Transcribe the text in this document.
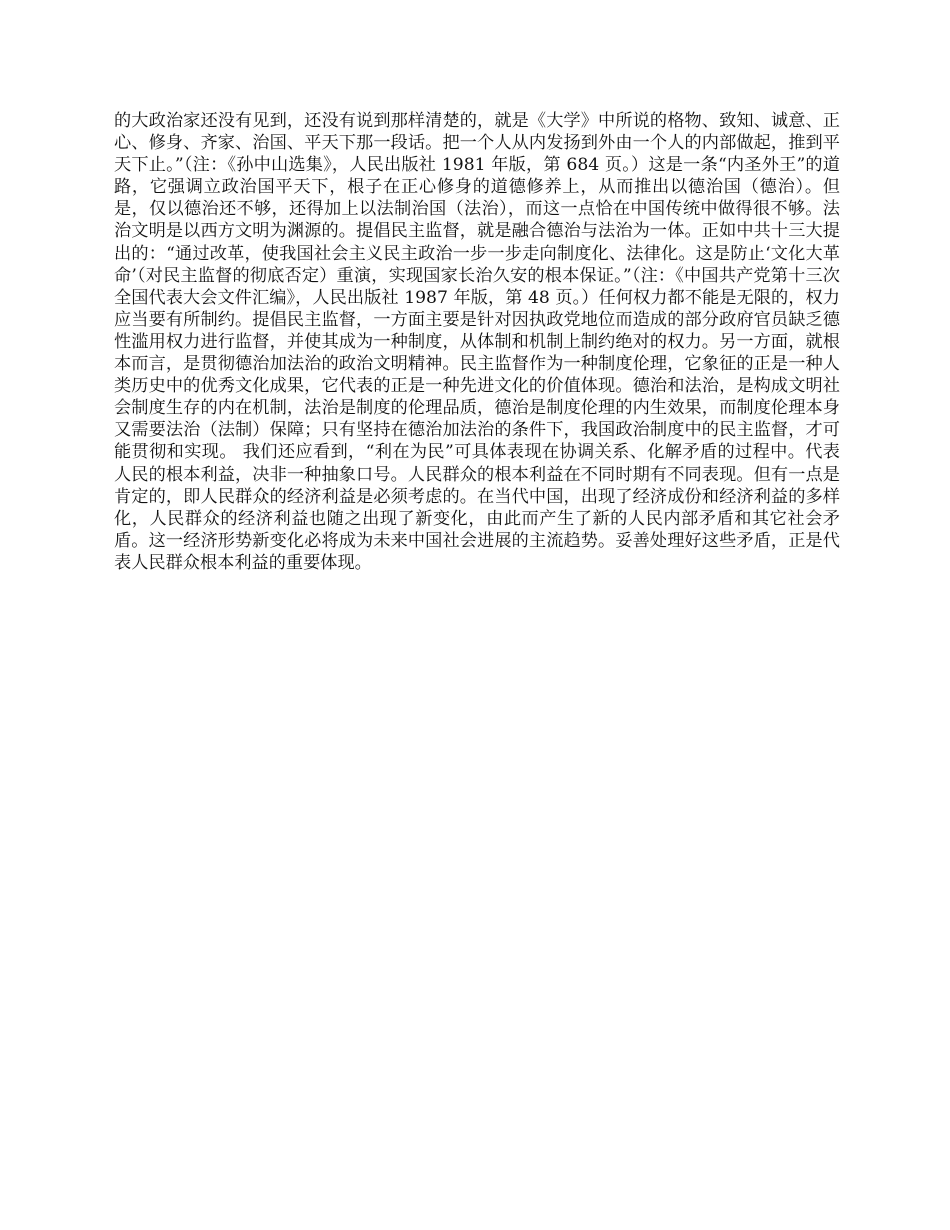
的大政治家还没有见到，还没有说到那样清楚的，就是《大学》中所说的格物、致知、诚意、正心、修身、齐家、治国、平天下那一段话。把一个人从内发扬到外由一个人的内部做起，推到平天下止。”（注：《孙中山选集》，人民出版社 1981 年版，第 684 页。）这是一条“内圣外王”的道路，它强调立政治国平天下，根子在正心修身的道德修养上，从而推出以德治国（德治）。但是，仅以德治还不够，还得加上以法制治国（法治），而这一点恰在中国传统中做得很不够。法治文明是以西方文明为渊源的。提倡民主监督，就是融合德治与法治为一体。正如中共十三大提出的：“通过改革，使我国社会主义民主政治一步一步走向制度化、法律化。这是防止‘文化大革命’（对民主监督的彻底否定）重演，实现国家长治久安的根本保证。”（注：《中国共产党第十三次全国代表大会文件汇编》，人民出版社 1987 年版，第 48 页。）任何权力都不能是无限的，权力应当要有所制约。提倡民主监督，一方面主要是针对因执政党地位而造成的部分政府官员缺乏德性滥用权力进行监督，并使其成为一种制度，从体制和机制上制约绝对的权力。另一方面，就根本而言，是贯彻德治加法治的政治文明精神。民主监督作为一种制度伦理，它象征的正是一种人类历史中的优秀文化成果，它代表的正是一种先进文化的价值体现。德治和法治，是构成文明社会制度生存的内在机制，法治是制度的伦理品质，德治是制度伦理的内生效果，而制度伦理本身又需要法治（法制）保障；只有坚持在德治加法治的条件下，我国政治制度中的民主监督，才可能贯彻和实现。 我们还应看到，“利在为民”可具体表现在协调关系、化解矛盾的过程中。代表人民的根本利益，决非一种抽象口号。人民群众的根本利益在不同时期有不同表现。但有一点是肯定的，即人民群众的经济利益是必须考虑的。在当代中国，出现了经济成份和经济利益的多样化，人民群众的经济利益也随之出现了新变化，由此而产生了新的人民内部矛盾和其它社会矛盾。这一经济形势新变化必将成为未来中国社会进展的主流趋势。妥善处理好这些矛盾，正是代表人民群众根本利益的重要体现。
